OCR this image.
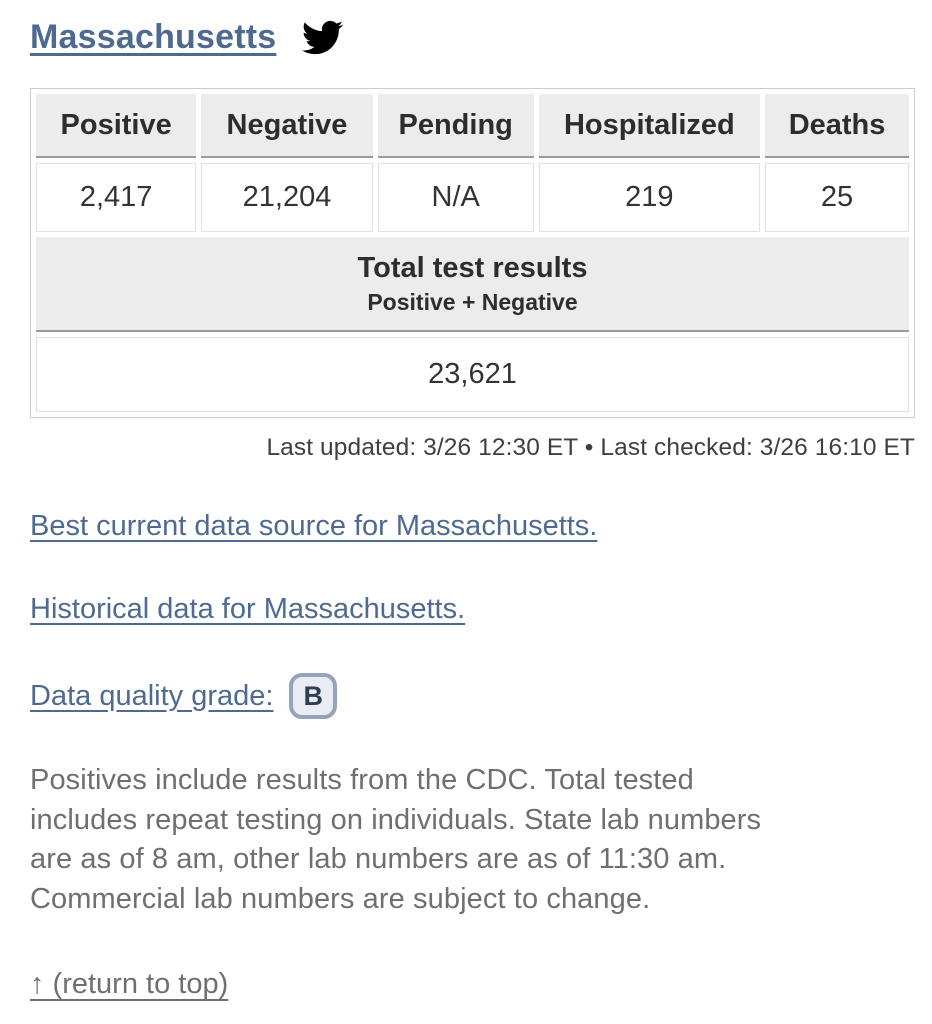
Massachusetts
Positive	Negative	Pending	Hospitalized	Deaths
2,417	21,204	N/A	219	25

Total test results
Positive + Negative				

23,621				
Last updated: 3/26 12:30 ET • Last checked: 3/26 16:10 ET
Best current data source for Massachusetts.
Historical data for Massachusetts.
Data quality grade:	B
Positives include results from the CDC. Total tested
includes repeat testing on individuals. State lab numbers
are as of 8 am, other lab numbers are as of 11:30 am.
Commercial lab numbers are subject to change.
↑ (return to top)
